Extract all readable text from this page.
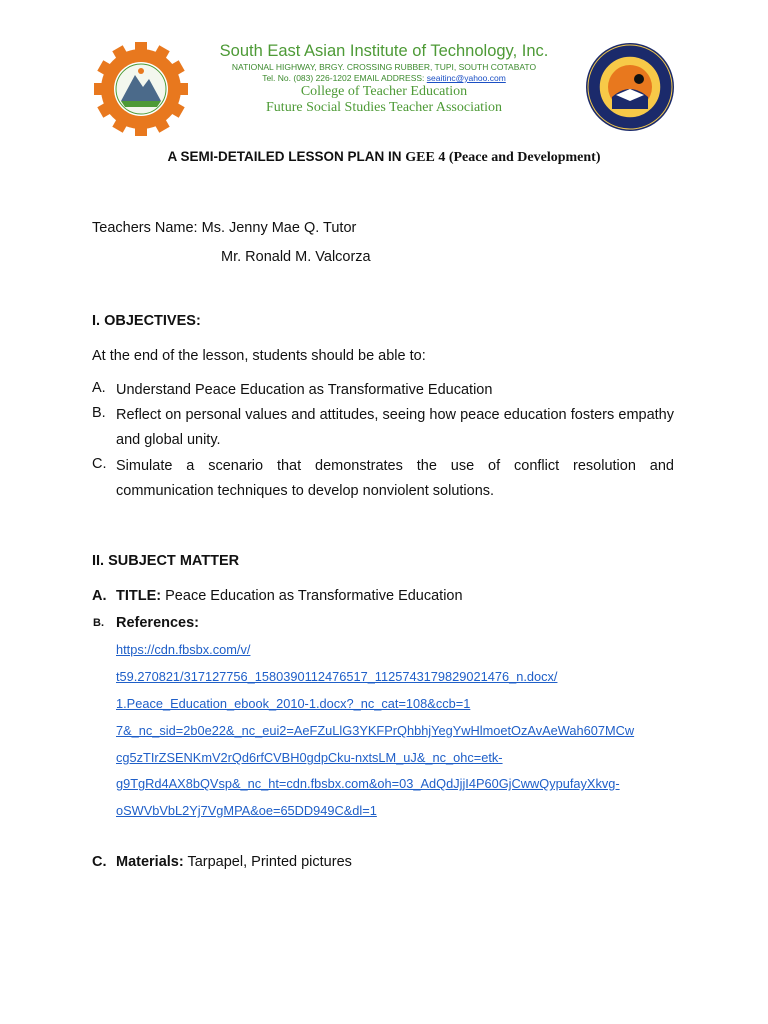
South East Asian Institute of Technology, Inc.
NATIONAL HIGHWAY, BRGY. CROSSING RUBBER, TUPI, SOUTH COTABATO
Tel. No. (083) 226-1202 EMAIL ADDRESS: seaitinc@yahoo.com
College of Teacher Education
Future Social Studies Teacher Association
A SEMI-DETAILED LESSON PLAN IN GEE 4 (Peace and Development)
Teachers Name: Ms. Jenny Mae Q. Tutor
Mr. Ronald M. Valcorza
I. OBJECTIVES:
At the end of the lesson, students should be able to:
A. Understand Peace Education as Transformative Education
B. Reflect on personal values and attitudes, seeing how peace education fosters empathy and global unity.
C. Simulate a scenario that demonstrates the use of conflict resolution and communication techniques to develop nonviolent solutions.
II. SUBJECT MATTER
A. TITLE: Peace Education as Transformative Education
B. References:
https://cdn.fbsbx.com/v/
t59.270821/317127756_1580390112476517_1125743179829021476_n.docx/
1.Peace_Education_ebook_2010-1.docx?_nc_cat=108&ccb=1
7&_nc_sid=2b0e22&_nc_eui2=AeFZuLlG3YKFPrQhbhjYegYwHlmoetOzAvAeWah607MCw
cg5zTIrZSENKmV2rQd6rfCVBH0gdpCku-nxtsLM_uJ&_nc_ohc=etk-
g9TgRd4AX8bQVsp&_nc_ht=cdn.fbsbx.com&oh=03_AdQdJjjI4P60GjCwwQypufayXkvg-
oSWVbVbL2Yj7VgMPA&oe=65DD949C&dl=1
C. Materials: Tarpapel, Printed pictures
